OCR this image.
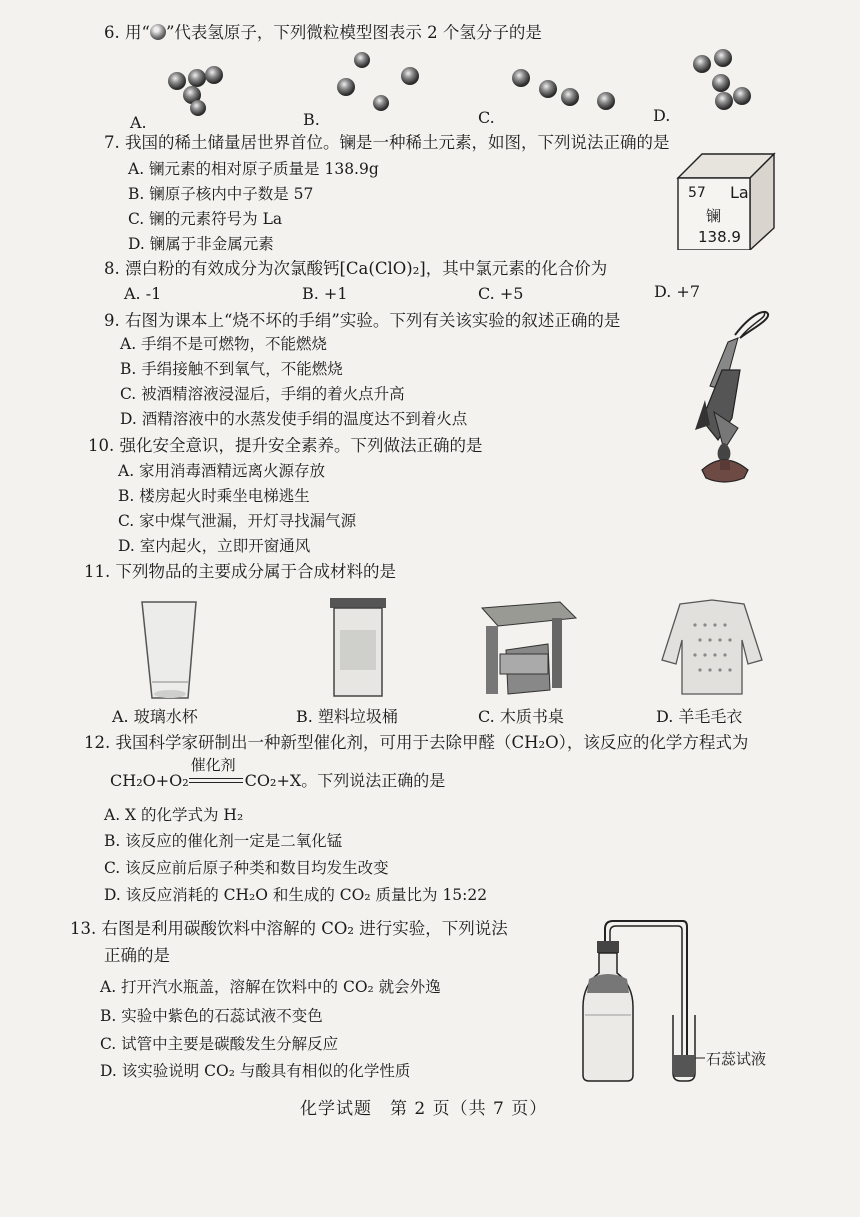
6. 用“ ”代表氢原子，下列微粒模型图表示 2 个氢分子的是
A.	B.	C.	D.
7. 我国的稀土储量居世界首位。镧是一种稀土元素，如图，下列说法正确的是
A. 镧元素的相对原子质量是 138.9g
B. 镧原子核内中子数是 57
C. 镧的元素符号为 La
D. 镧属于非金属元素
57 La
镧
138.9
8. 漂白粉的有效成分为次氯酸钙[Ca(ClO)₂]，其中氯元素的化合价为
A. -1	B. +1	C. +5	D. +7
9. 右图为课本上“烧不坏的手绢”实验。下列有关该实验的叙述正确的是
A. 手绢不是可燃物，不能燃烧
B. 手绢接触不到氧气，不能燃烧
C. 被酒精溶液浸湿后，手绢的着火点升高
D. 酒精溶液中的水蒸发使手绢的温度达不到着火点
10. 强化安全意识，提升安全素养。下列做法正确的是
A. 家用消毒酒精远离火源存放
B. 楼房起火时乘坐电梯逃生
C. 家中煤气泄漏，开灯寻找漏气源
D. 室内起火，立即开窗通风
11. 下列物品的主要成分属于合成材料的是
A. 玻璃水杯	B. 塑料垃圾桶	C. 木质书桌	D. 羊毛毛衣
12. 我国科学家研制出一种新型催化剂，可用于去除甲醛（CH₂O），该反应的化学方程式为
CH₂O+O₂
催化剂
CO₂+X。下列说法正确的是
A. X 的化学式为 H₂
B. 该反应的催化剂一定是二氧化锰
C. 该反应前后原子种类和数目均发生改变
D. 该反应消耗的 CH₂O 和生成的 CO₂ 质量比为 15:22
13. 右图是利用碳酸饮料中溶解的 CO₂ 进行实验，下列说法
正确的是
A. 打开汽水瓶盖，溶解在饮料中的 CO₂ 就会外逸
B. 实验中紫色的石蕊试液不变色
C. 试管中主要是碳酸发生分解反应
D. 该实验说明 CO₂ 与酸具有相似的化学性质
石蕊试液
化学试题　第 2 页（共 7 页）
